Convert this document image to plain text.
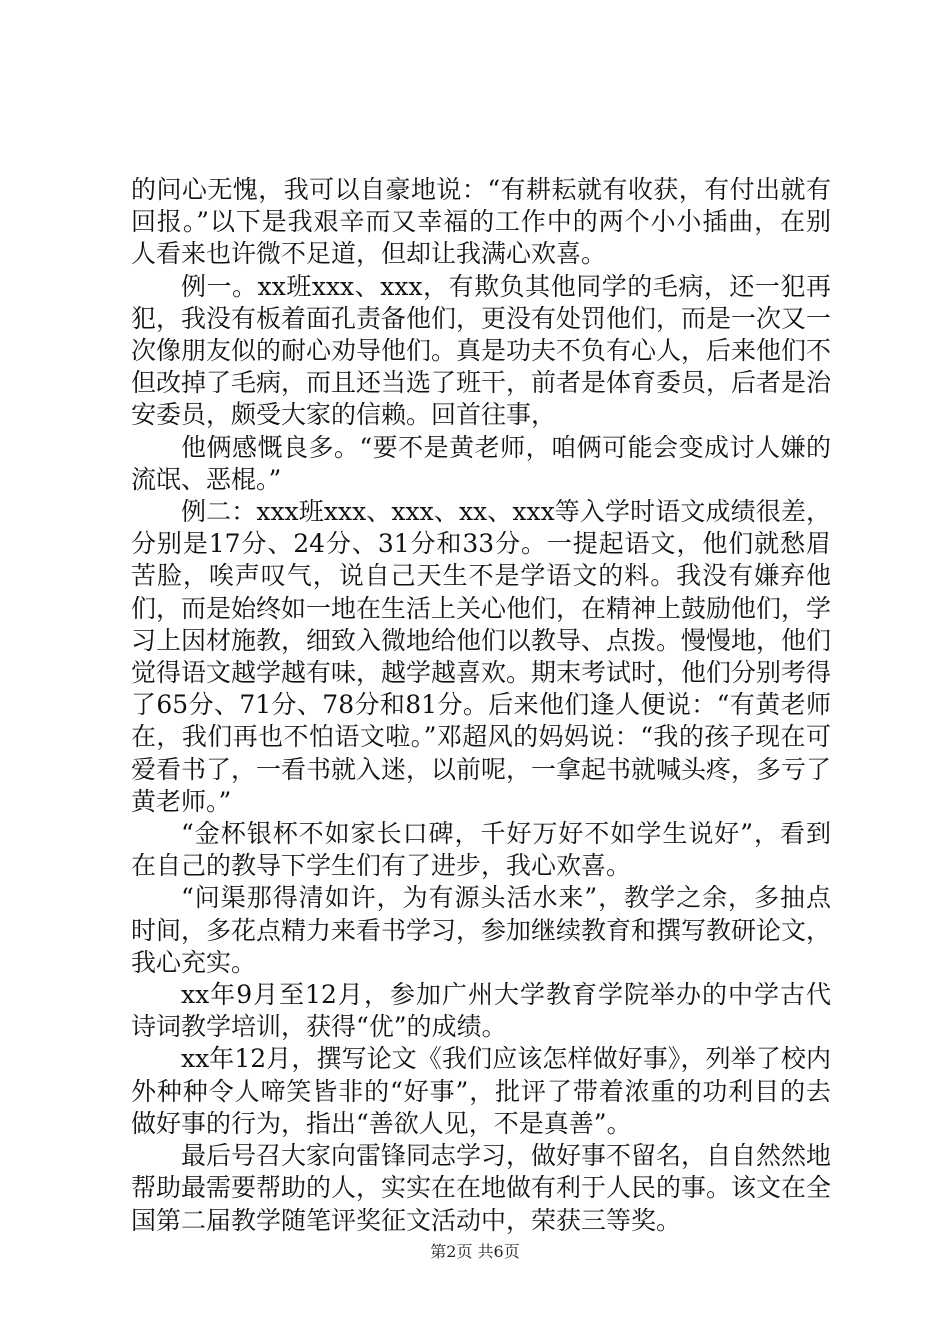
的问心无愧，我可以自豪地说：“有耕耘就有收获，有付出就有回报。”以下是我艰辛而又幸福的工作中的两个小小插曲，在别人看来也许微不足道，但却让我满心欢喜。

例一。xx班xxx、xxx，有欺负其他同学的毛病，还一犯再犯，我没有板着面孔责备他们，更没有处罚他们，而是一次又一次像朋友似的耐心劝导他们。真是功夫不负有心人，后来他们不但改掉了毛病，而且还当选了班干，前者是体育委员，后者是治安委员，颇受大家的信赖。回首往事，

他俩感慨良多。“要不是黄老师，咱俩可能会变成讨人嫌的流氓、恶棍。”

例二：xxx班xxx、xxx、xx、xxx等入学时语文成绩很差，分别是17分、24分、31分和33分。一提起语文，他们就愁眉苦脸，唉声叹气，说自己天生不是学语文的料。我没有嫌弃他们，而是始终如一地在生活上关心他们，在精神上鼓励他们，学习上因材施教，细致入微地给他们以教导、点拨。慢慢地，他们觉得语文越学越有味，越学越喜欢。期末考试时，他们分别考得了65分、71分、78分和81分。后来他们逢人便说：“有黄老师在，我们再也不怕语文啦。”邓超风的妈妈说：“我的孩子现在可爱看书了，一看书就入迷，以前呢，一拿起书就喊头疼，多亏了黄老师。”

“金杯银杯不如家长口碑，千好万好不如学生说好”，看到在自己的教导下学生们有了进步，我心欢喜。

“问渠那得清如许，为有源头活水来”，教学之余，多抽点时间，多花点精力来看书学习，参加继续教育和撰写教研论文，我心充实。

xx年9月至12月，参加广州大学教育学院举办的中学古代诗词教学培训，获得“优”的成绩。

xx年12月，撰写论文《我们应该怎样做好事》，列举了校内外种种令人啼笑皆非的“好事”，批评了带着浓重的功利目的去做好事的行为，指出“善欲人见，不是真善”。

最后号召大家向雷锋同志学习，做好事不留名，自自然然地帮助最需要帮助的人，实实在在地做有利于人民的事。该文在全国第二届教学随笔评奖征文活动中，荣获三等奖。

第2页 共6页
